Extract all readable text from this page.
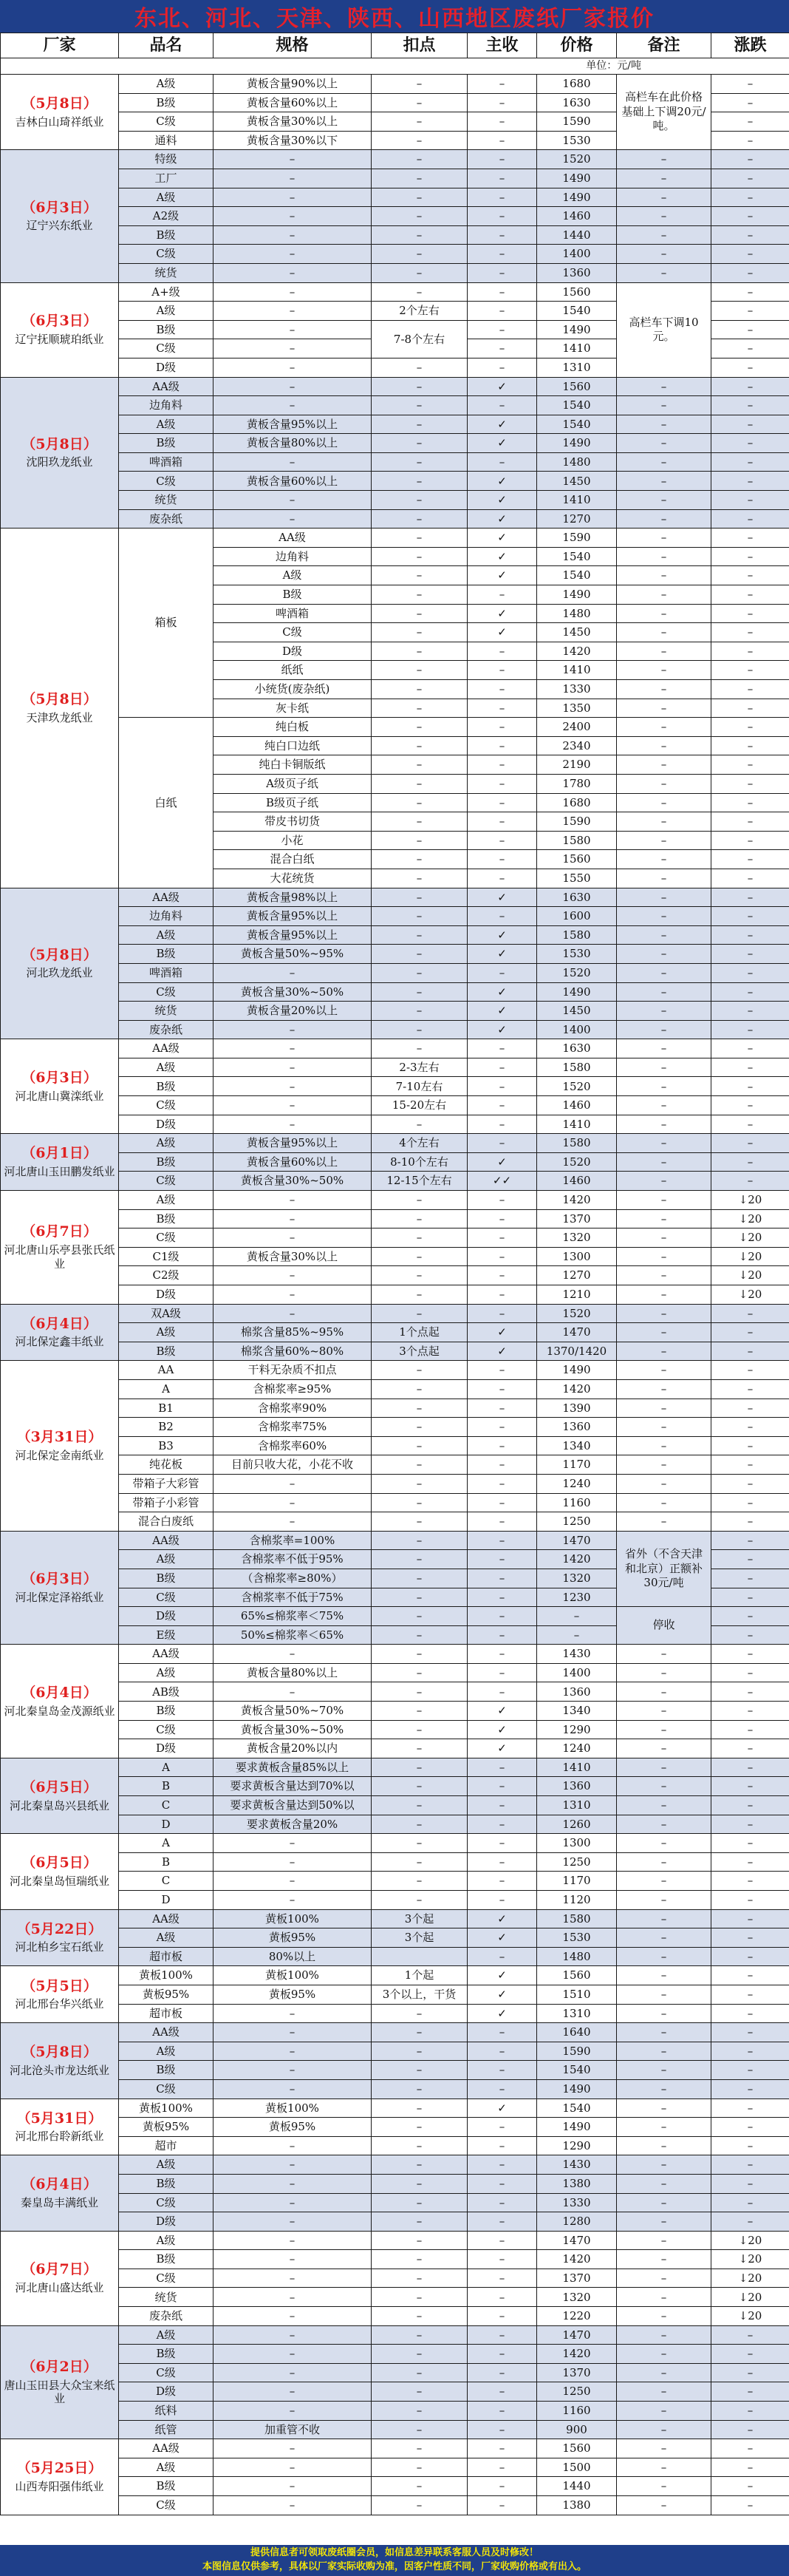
东北、河北、天津、陕西、山西地区废纸厂家报价
厂家	品名	规格	扣点	主收	价格	备注	涨跌
单位：元/吨							

（5月8日）
吉林白山琦祥纸业	A级	黄板含量90%以上	–	–	1680	高栏车在此价格基础上下调20元/吨。	–
	B级	黄板含量60%以上	–	–	1630		–
	C级	黄板含量30%以上	–	–	1590		–
	通料	黄板含量30%以下	–	–	1530		–

（6月3日）
辽宁兴东纸业	特级	–	–	–	1520	–	–
	工厂	–	–	–	1490	–	–
	A级	–	–	–	1490	–	–
	A2级	–	–	–	1460	–	–
	B级	–	–	–	1440	–	–
	C级	–	–	–	1400	–	–
	统货	–	–	–	1360	–	–

（6月3日）
辽宁抚顺琥珀纸业	A+级	–	–	–	1560	高栏车下调10元。	–
	A级	–	2个左右	–	1540		–
	B级	–	7-8个左右	–	1490		–
	C级	–		–	1410		–
	D级	–	–	–	1310		–

（5月8日）
沈阳玖龙纸业	AA级	–	–	✓	1560	–	–
	边角料	–	–	–	1540	–	–
	A级	黄板含量95%以上	–	✓	1540	–	–
	B级	黄板含量80%以上	–	✓	1490	–	–
	啤酒箱	–	–	–	1480	–	–
	C级	黄板含量60%以上	–	✓	1450	–	–
	统货	–	–	✓	1410	–	–
	废杂纸	–	–	✓	1270	–	–

（5月8日）
天津玖龙纸业	箱板	AA级	–	✓	1590	–	–
		边角料	–	✓	1540	–	–
		A级	–	✓	1540	–	–
		B级	–	–	1490	–	–
		啤酒箱	–	✓	1480	–	–
		C级	–	✓	1450	–	–
		D级	–	–	1420	–	–
		纸纸	–	–	1410	–	–
		小统货(废杂纸)	–	–	1330	–	–
		灰卡纸	–	–	1350	–	–
	白纸	纯白板	–	–	2400	–	–
		纯白口边纸	–	–	2340	–	–
		纯白卡铜版纸	–	–	2190	–	–
		A级页子纸	–	–	1780	–	–
		B级页子纸	–	–	1680	–	–
		带皮书切货	–	–	1590	–	–
		小花	–	–	1580	–	–
		混合白纸	–	–	1560	–	–
		大花统货	–	–	1550	–	–

（5月8日）
河北玖龙纸业	AA级	黄板含量98%以上	–	✓	1630	–	–
	边角料	黄板含量95%以上	–	–	1600	–	–
	A级	黄板含量95%以上	–	✓	1580	–	–
	B级	黄板含量50%~95%	–	✓	1530	–	–
	啤酒箱	–	–	–	1520	–	–
	C级	黄板含量30%~50%	–	✓	1490	–	–
	统货	黄板含量20%以上	–	✓	1450	–	–
	废杂纸	–	–	✓	1400	–	–

（6月3日）
河北唐山冀滦纸业	AA级	–	–	–	1630	–	–
	A级	–	2-3左右	–	1580	–	–
	B级	–	7-10左右	–	1520	–	–
	C级	–	15-20左右	–	1460	–	–
	D级	–	–	–	1410	–	–

（6月1日）
河北唐山玉田鹏发纸业	A级	黄板含量95%以上	4个左右	–	1580	–	–
	B级	黄板含量60%以上	8-10个左右	✓	1520	–	–
	C级	黄板含量30%~50%	12-15个左右	✓✓	1460	–	–

（6月7日）
河北唐山乐亭县张氏纸业	A级	–	–	–	1420	–	↓20
	B级	–	–	–	1370	–	↓20
	C级	–	–	–	1320	–	↓20
	C1级	黄板含量30%以上	–	–	1300	–	↓20
	C2级	–	–	–	1270	–	↓20
	D级	–	–	–	1210	–	↓20

（6月4日）
河北保定鑫丰纸业	双A级	–	–	–	1520	–	–
	A级	棉浆含量85%~95%	1个点起	✓	1470	–	–
	B级	棉浆含量60%~80%	3个点起	✓	1370/1420	–	–

（3月31日）
河北保定金南纸业	AA	干料无杂质不扣点	–	–	1490	–	–
	A	含棉浆率≥95%	–	–	1420	–	–
	B1	含棉浆率90%	–	–	1390	–	–
	B2	含棉浆率75%	–	–	1360	–	–
	B3	含棉浆率60%	–	–	1340	–	–
	纯花板	目前只收大花，小花不收	–	–	1170	–	–
	带箱子大彩管	–	–	–	1240	–	–
	带箱子小彩管	–	–	–	1160	–	–
	混合白废纸	–	–	–	1250	–	–

（6月3日）
河北保定泽裕纸业	AA级	含棉浆率=100%	–	–	1470	省外（不含天津和北京）正额补30元/吨	–
	A级	含棉浆率不低于95%	–	–	1420		–
	B级	（含棉浆率≥80%）	–	–	1320		–
	C级	含棉浆率不低于75%	–	–	1230		–
	D级	65%≤棉浆率＜75%	–	–	–	停收	–
	E级	50%≤棉浆率＜65%	–	–	–		–

（6月4日）
河北秦皇岛金茂源纸业	AA级	–	–	–	1430	–	–
	A级	黄板含量80%以上	–	–	1400	–	–
	AB级	–	–	–	1360	–	–
	B级	黄板含量50%~70%	–	✓	1340	–	–
	C级	黄板含量30%~50%	–	✓	1290	–	–
	D级	黄板含量20%以内	–	✓	1240	–	–

（6月5日）
河北秦皇岛兴县纸业	A	要求黄板含量85%以上	–	–	1410	–	–
	B	要求黄板含量达到70%以	–	–	1360	–	–
	C	要求黄板含量达到50%以	–	–	1310	–	–
	D	要求黄板含量20%	–	–	1260	–	–

（6月5日）
河北秦皇岛恒瑞纸业	A	–	–	–	1300	–	–
	B	–	–	–	1250	–	–
	C	–	–	–	1170	–	–
	D	–	–	–	1120	–	–

（5月22日）
河北柏乡宝石纸业	AA级	黄板100%	3个起	✓	1580	–	–
	A级	黄板95%	3个起	✓	1530	–	–
	超市板	80%以上		–	1480	–	–

（5月5日）
河北邢台华兴纸业	黄板100%	黄板100%	1个起	✓	1560	–	–
	黄板95%	黄板95%	3个以上，干货	✓	1510	–	–
	超市板	–	–	✓	1310	–	–

（5月8日）
河北沧头市龙达纸业	AA级	–	–	–	1640	–	–
	A级	–	–	–	1590	–	–
	B级	–	–	–	1540	–	–
	C级	–	–	–	1490	–	–

（5月31日）
河北邢台聆新纸业	黄板100%	黄板100%	–	✓	1540	–	–
	黄板95%	黄板95%	–	–	1490	–	–
	超市	–	–	–	1290	–	–

（6月4日）
秦皇岛丰满纸业	A级	–	–	–	1430	–	–
	B级	–	–	–	1380	–	–
	C级	–	–	–	1330	–	–
	D级	–	–	–	1280	–	–

（6月7日）
河北唐山盛达纸业	A级	–	–	–	1470	–	↓20
	B级	–	–	–	1420	–	↓20
	C级	–	–	–	1370	–	↓20
	统货	–	–	–	1320	–	↓20
	废杂纸	–	–	–	1220	–	↓20

（6月2日）
唐山玉田县大众宝来纸业	A级	–	–	–	1470	–	–
	B级	–	–	–	1420	–	–
	C级	–	–	–	1370	–	–
	D级	–	–	–	1250	–	–
	纸料	–	–	–	1160	–	–
	纸管	加重管不收	–	–	900	–	–

（5月25日）
山西寿阳强伟纸业	AA级	–	–	–	1560	–	–
	A级	–	–	–	1500	–	–
	B级	–	–	–	1440	–	–
	C级	–	–	–	1380	–	–
提供信息者可领取废纸圈会员，如信息差异联系客服人员及时修改！
本图信息仅供参考，具体以厂家实际收购为准，因客户性质不同，厂家收购价格或有出入。
